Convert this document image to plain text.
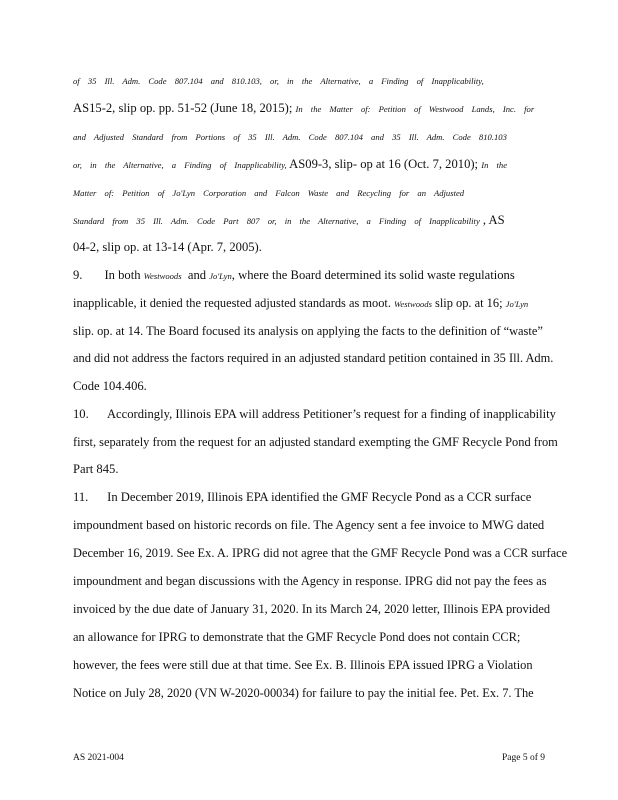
of 35 Ill. Adm. Code 807.104 and 810.103, or, in the Alternative, a Finding of Inapplicability,
AS15-2, slip op. pp. 51-52 (June 18, 2015); In the Matter of: Petition of Westwood Lands, Inc. for
and Adjusted Standard from Portions of 35 Ill. Adm. Code 807.104 and 35 Ill. Adm. Code 810.103
or, in the Alternative, a Finding of Inapplicability, AS09-3, slip- op at 16 (Oct. 7, 2010); In the
Matter of: Petition of Jo'Lyn Corporation and Falcon Waste and Recycling for an Adjusted
Standard from 35 Ill. Adm. Code Part 807 or, in the Alternative, a Finding of Inapplicability , AS
04-2, slip op. at 13-14 (Apr. 7, 2005).
9.       In both Westwoods and Jo'Lyn, where the Board determined its solid waste regulations
inapplicable, it denied the requested adjusted standards as moot. Westwoods slip op. at 16; Jo'Lyn
slip. op. at 14. The Board focused its analysis on applying the facts to the definition of “waste”
and did not address the factors required in an adjusted standard petition contained in 35 Ill. Adm.
Code 104.406.
10.      Accordingly, Illinois EPA will address Petitioner’s request for a finding of inapplicability
first, separately from the request for an adjusted standard exempting the GMF Recycle Pond from
Part 845.
11.      In December 2019, Illinois EPA identified the GMF Recycle Pond as a CCR surface
impoundment based on historic records on file. The Agency sent a fee invoice to MWG dated
December 16, 2019. See Ex. A. IPRG did not agree that the GMF Recycle Pond was a CCR surface
impoundment and began discussions with the Agency in response. IPRG did not pay the fees as
invoiced by the due date of January 31, 2020. In its March 24, 2020 letter, Illinois EPA provided
an allowance for IPRG to demonstrate that the GMF Recycle Pond does not contain CCR;
however, the fees were still due at that time. See Ex. B. Illinois EPA issued IPRG a Violation
Notice on July 28, 2020 (VN W-2020-00034) for failure to pay the initial fee. Pet. Ex. 7. The
AS 2021-004	Page 5 of 9
